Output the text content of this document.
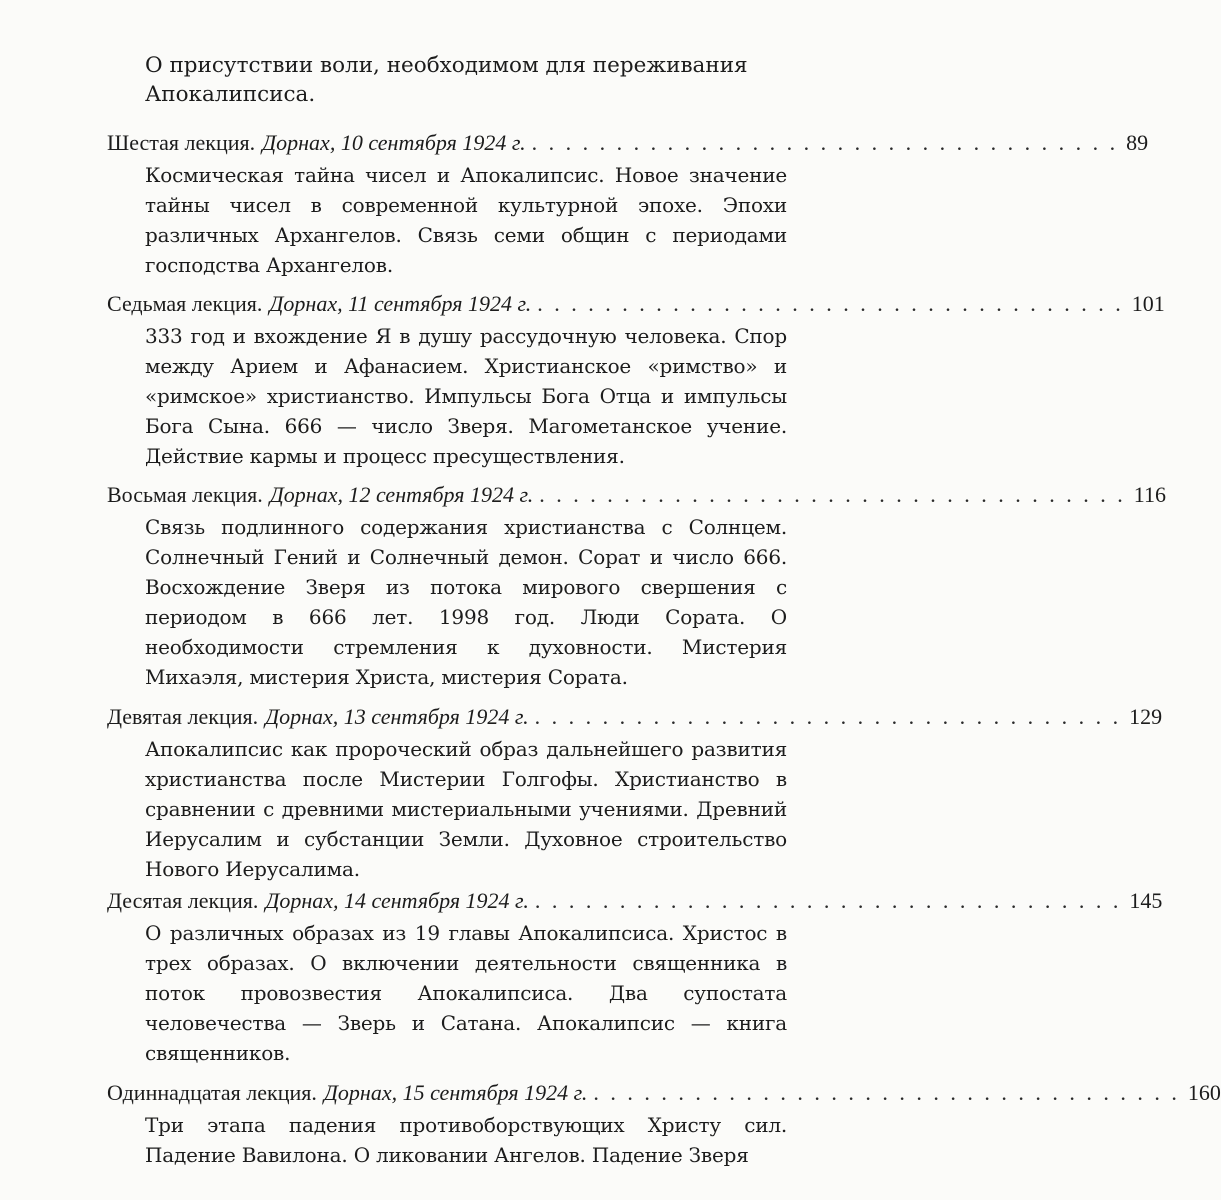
О присутствии воли, необходимом для переживания Апокалипсиса.
Шестая лекция. Дорнах, 10 сентября 1924 г. . . . . . . . . . . . . . . . . . . . . . . . . . . . . . . . . . . . 89
Космическая тайна чисел и Апокалипсис. Новое значение тайны чисел в современной культурной эпохе. Эпохи различных Архангелов. Связь семи общин с периодами господства Архангелов.
Седьмая лекция. Дорнах, 11 сентября 1924 г. . . . . . . . . . . . . . . . . . . . . . . . . . . . . . . . . . . . 101
333 год и вхождение Я в душу рассудочную человека. Спор между Арием и Афанасием. Христианское «римство» и «римское» христианство. Импульсы Бога Отца и импульсы Бога Сына. 666 — число Зверя. Магометанское учение. Действие кармы и процесс пресуществления.
Восьмая лекция. Дорнах, 12 сентября 1924 г. . . . . . . . . . . . . . . . . . . . . . . . . . . . . . . . . . . . 116
Связь подлинного содержания христианства с Солнцем. Солнечный Гений и Солнечный демон. Сорат и число 666. Восхождение Зверя из потока мирового свершения с периодом в 666 лет. 1998 год. Люди Сората. О необходимости стремления к духовности. Мистерия Михаэля, мистерия Христа, мистерия Сората.
Девятая лекция. Дорнах, 13 сентября 1924 г. . . . . . . . . . . . . . . . . . . . . . . . . . . . . . . . . . . . 129
Апокалипсис как пророческий образ дальнейшего развития христианства после Мистерии Голгофы. Христианство в сравнении с древними мистериальными учениями. Древний Иерусалим и субстанции Земли. Духовное строительство Нового Иерусалима.
Десятая лекция. Дорнах, 14 сентября 1924 г. . . . . . . . . . . . . . . . . . . . . . . . . . . . . . . . . . . . 145
О различных образах из 19 главы Апокалипсиса. Христос в трех образах. О включении деятельности священника в поток провозвестия Апокалипсиса. Два супостата человечества — Зверь и Сатана. Апокалипсис — книга священников.
Одиннадцатая лекция. Дорнах, 15 сентября 1924 г. . . . . . . . . . . . . . . . . . . . . . . . . . . . . . . . . . . . 160
Три этапа падения противоборствующих Христу сил. Падение Вавилона. О ликовании Ангелов. Падение Зверя
